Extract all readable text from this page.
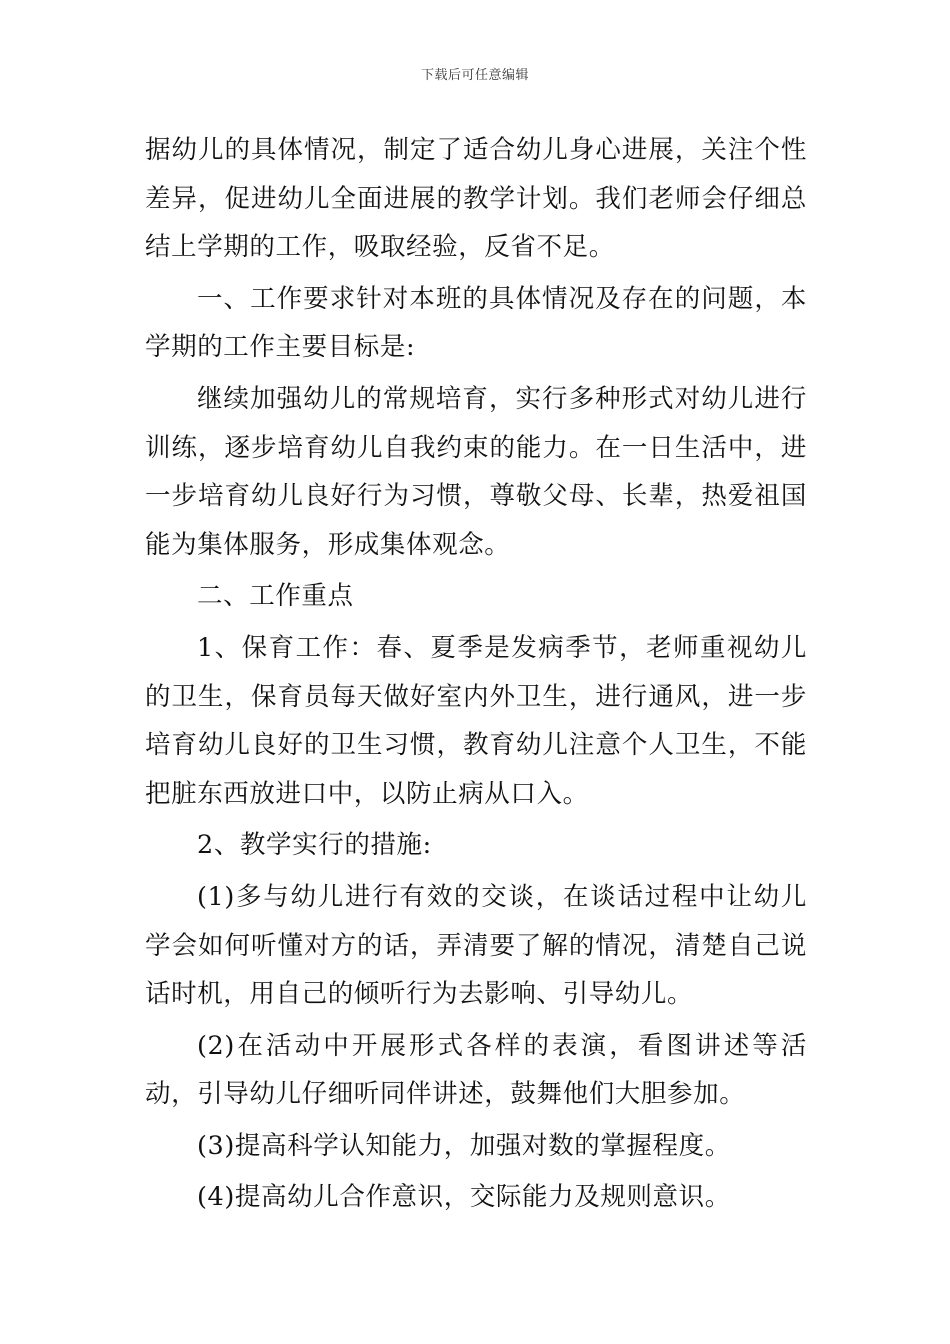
下载后可任意编辑

据幼儿的具体情况，制定了适合幼儿身心进展，关注个性差异，促进幼儿全面进展的教学计划。我们老师会仔细总结上学期的工作，吸取经验，反省不足。

一、工作要求针对本班的具体情况及存在的问题，本学期的工作主要目标是:

继续加强幼儿的常规培育，实行多种形式对幼儿进行训练，逐步培育幼儿自我约束的能力。在一日生活中，进一步培育幼儿良好行为习惯，尊敬父母、长辈，热爱祖国能为集体服务，形成集体观念。

二、工作重点

1、保育工作：春、夏季是发病季节，老师重视幼儿的卫生，保育员每天做好室内外卫生，进行通风，进一步培育幼儿良好的卫生习惯，教育幼儿注意个人卫生，不能把脏东西放进口中，以防止病从口入。

2、教学实行的措施:

(1)多与幼儿进行有效的交谈，在谈话过程中让幼儿学会如何听懂对方的话，弄清要了解的情况，清楚自己说话时机，用自己的倾听行为去影响、引导幼儿。

(2)在活动中开展形式各样的表演，看图讲述等活动，引导幼儿仔细听同伴讲述，鼓舞他们大胆参加。

(3)提高科学认知能力，加强对数的掌握程度。

(4)提高幼儿合作意识，交际能力及规则意识。
